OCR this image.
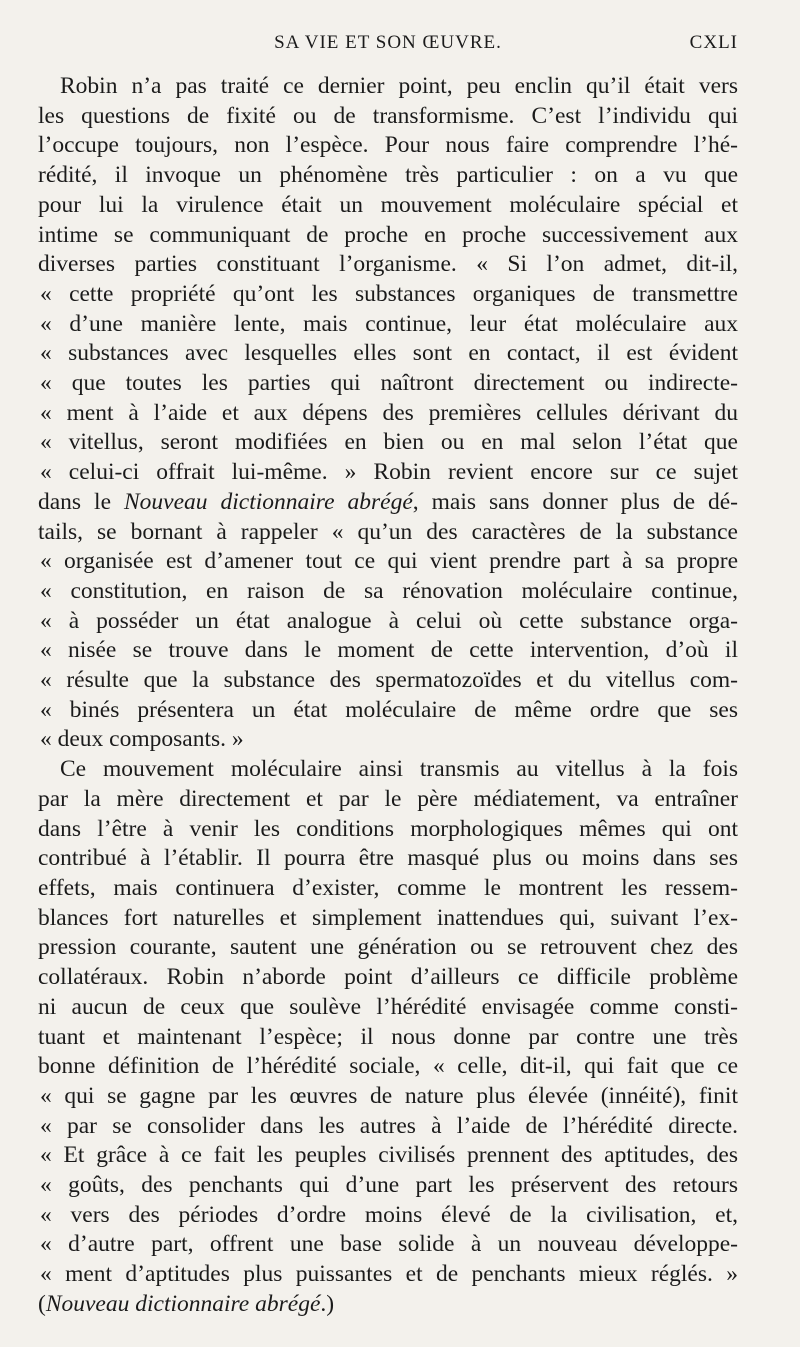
SA VIE ET SON ŒUVRE.	CXLI
Robin n’a pas traité ce dernier point, peu enclin qu’il était vers
les questions de fixité ou de transformisme. C’est l’individu qui
l’occupe toujours, non l’espèce. Pour nous faire comprendre l’hé-
rédité, il invoque un phénomène très particulier : on a vu que
pour lui la virulence était un mouvement moléculaire spécial et
intime se communiquant de proche en proche successivement aux
diverses parties constituant l’organisme. « Si l’on admet, dit-il,
« cette propriété qu’ont les substances organiques de transmettre
« d’une manière lente, mais continue, leur état moléculaire aux
« substances avec lesquelles elles sont en contact, il est évident
« que toutes les parties qui naîtront directement ou indirecte-
« ment à l’aide et aux dépens des premières cellules dérivant du
« vitellus, seront modifiées en bien ou en mal selon l’état que
« celui-ci offrait lui-même. » Robin revient encore sur ce sujet
dans le Nouveau dictionnaire abrégé, mais sans donner plus de dé-
tails, se bornant à rappeler « qu’un des caractères de la substance
« organisée est d’amener tout ce qui vient prendre part à sa propre
« constitution, en raison de sa rénovation moléculaire continue,
« à posséder un état analogue à celui où cette substance orga-
« nisée se trouve dans le moment de cette intervention, d’où il
« résulte que la substance des spermatozoïdes et du vitellus com-
« binés présentera un état moléculaire de même ordre que ses
« deux composants. »
Ce mouvement moléculaire ainsi transmis au vitellus à la fois
par la mère directement et par le père médiatement, va entraîner
dans l’être à venir les conditions morphologiques mêmes qui ont
contribué à l’établir. Il pourra être masqué plus ou moins dans ses
effets, mais continuera d’exister, comme le montrent les ressem-
blances fort naturelles et simplement inattendues qui, suivant l’ex-
pression courante, sautent une génération ou se retrouvent chez des
collatéraux. Robin n’aborde point d’ailleurs ce difficile problème
ni aucun de ceux que soulève l’hérédité envisagée comme consti-
tuant et maintenant l’espèce; il nous donne par contre une très
bonne définition de l’hérédité sociale, « celle, dit-il, qui fait que ce
« qui se gagne par les œuvres de nature plus élevée (innéité), finit
« par se consolider dans les autres à l’aide de l’hérédité directe.
« Et grâce à ce fait les peuples civilisés prennent des aptitudes, des
« goûts, des penchants qui d’une part les préservent des retours
« vers des périodes d’ordre moins élevé de la civilisation, et,
« d’autre part, offrent une base solide à un nouveau développe-
« ment d’aptitudes plus puissantes et de penchants mieux réglés. »
(Nouveau dictionnaire abrégé.)
